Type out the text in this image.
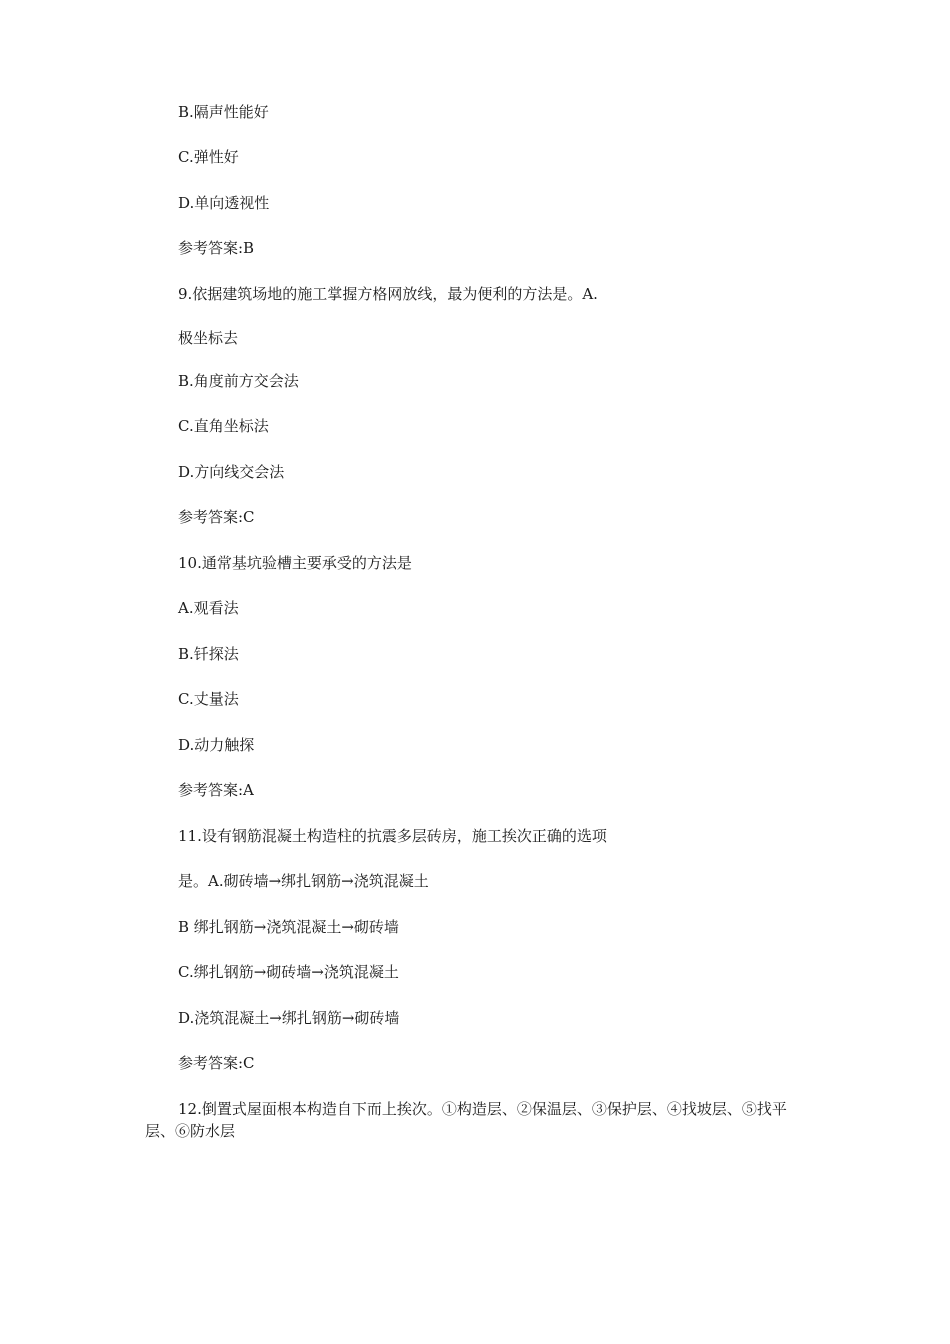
B.隔声性能好
C.弹性好
D.单向透视性
参考答案:B
9.依据建筑场地的施工掌握方格网放线，最为便利的方法是。A.
极坐标去
B.角度前方交会法
C.直角坐标法
D.方向线交会法
参考答案:C
10.通常基坑验槽主要承受的方法是
A.观看法
B.钎探法
C.丈量法
D.动力触探
参考答案:A
11.设有钢筋混凝土构造柱的抗震多层砖房，施工挨次正确的选项
是。A.砌砖墙→绑扎钢筋→浇筑混凝土
B 绑扎钢筋→浇筑混凝土→砌砖墙
C.绑扎钢筋→砌砖墙→浇筑混凝土
D.浇筑混凝土→绑扎钢筋→砌砖墙
参考答案:C
12.倒置式屋面根本构造自下而上挨次。①构造层、②保温层、③保护层、④找坡层、⑤找平层、⑥防水层
